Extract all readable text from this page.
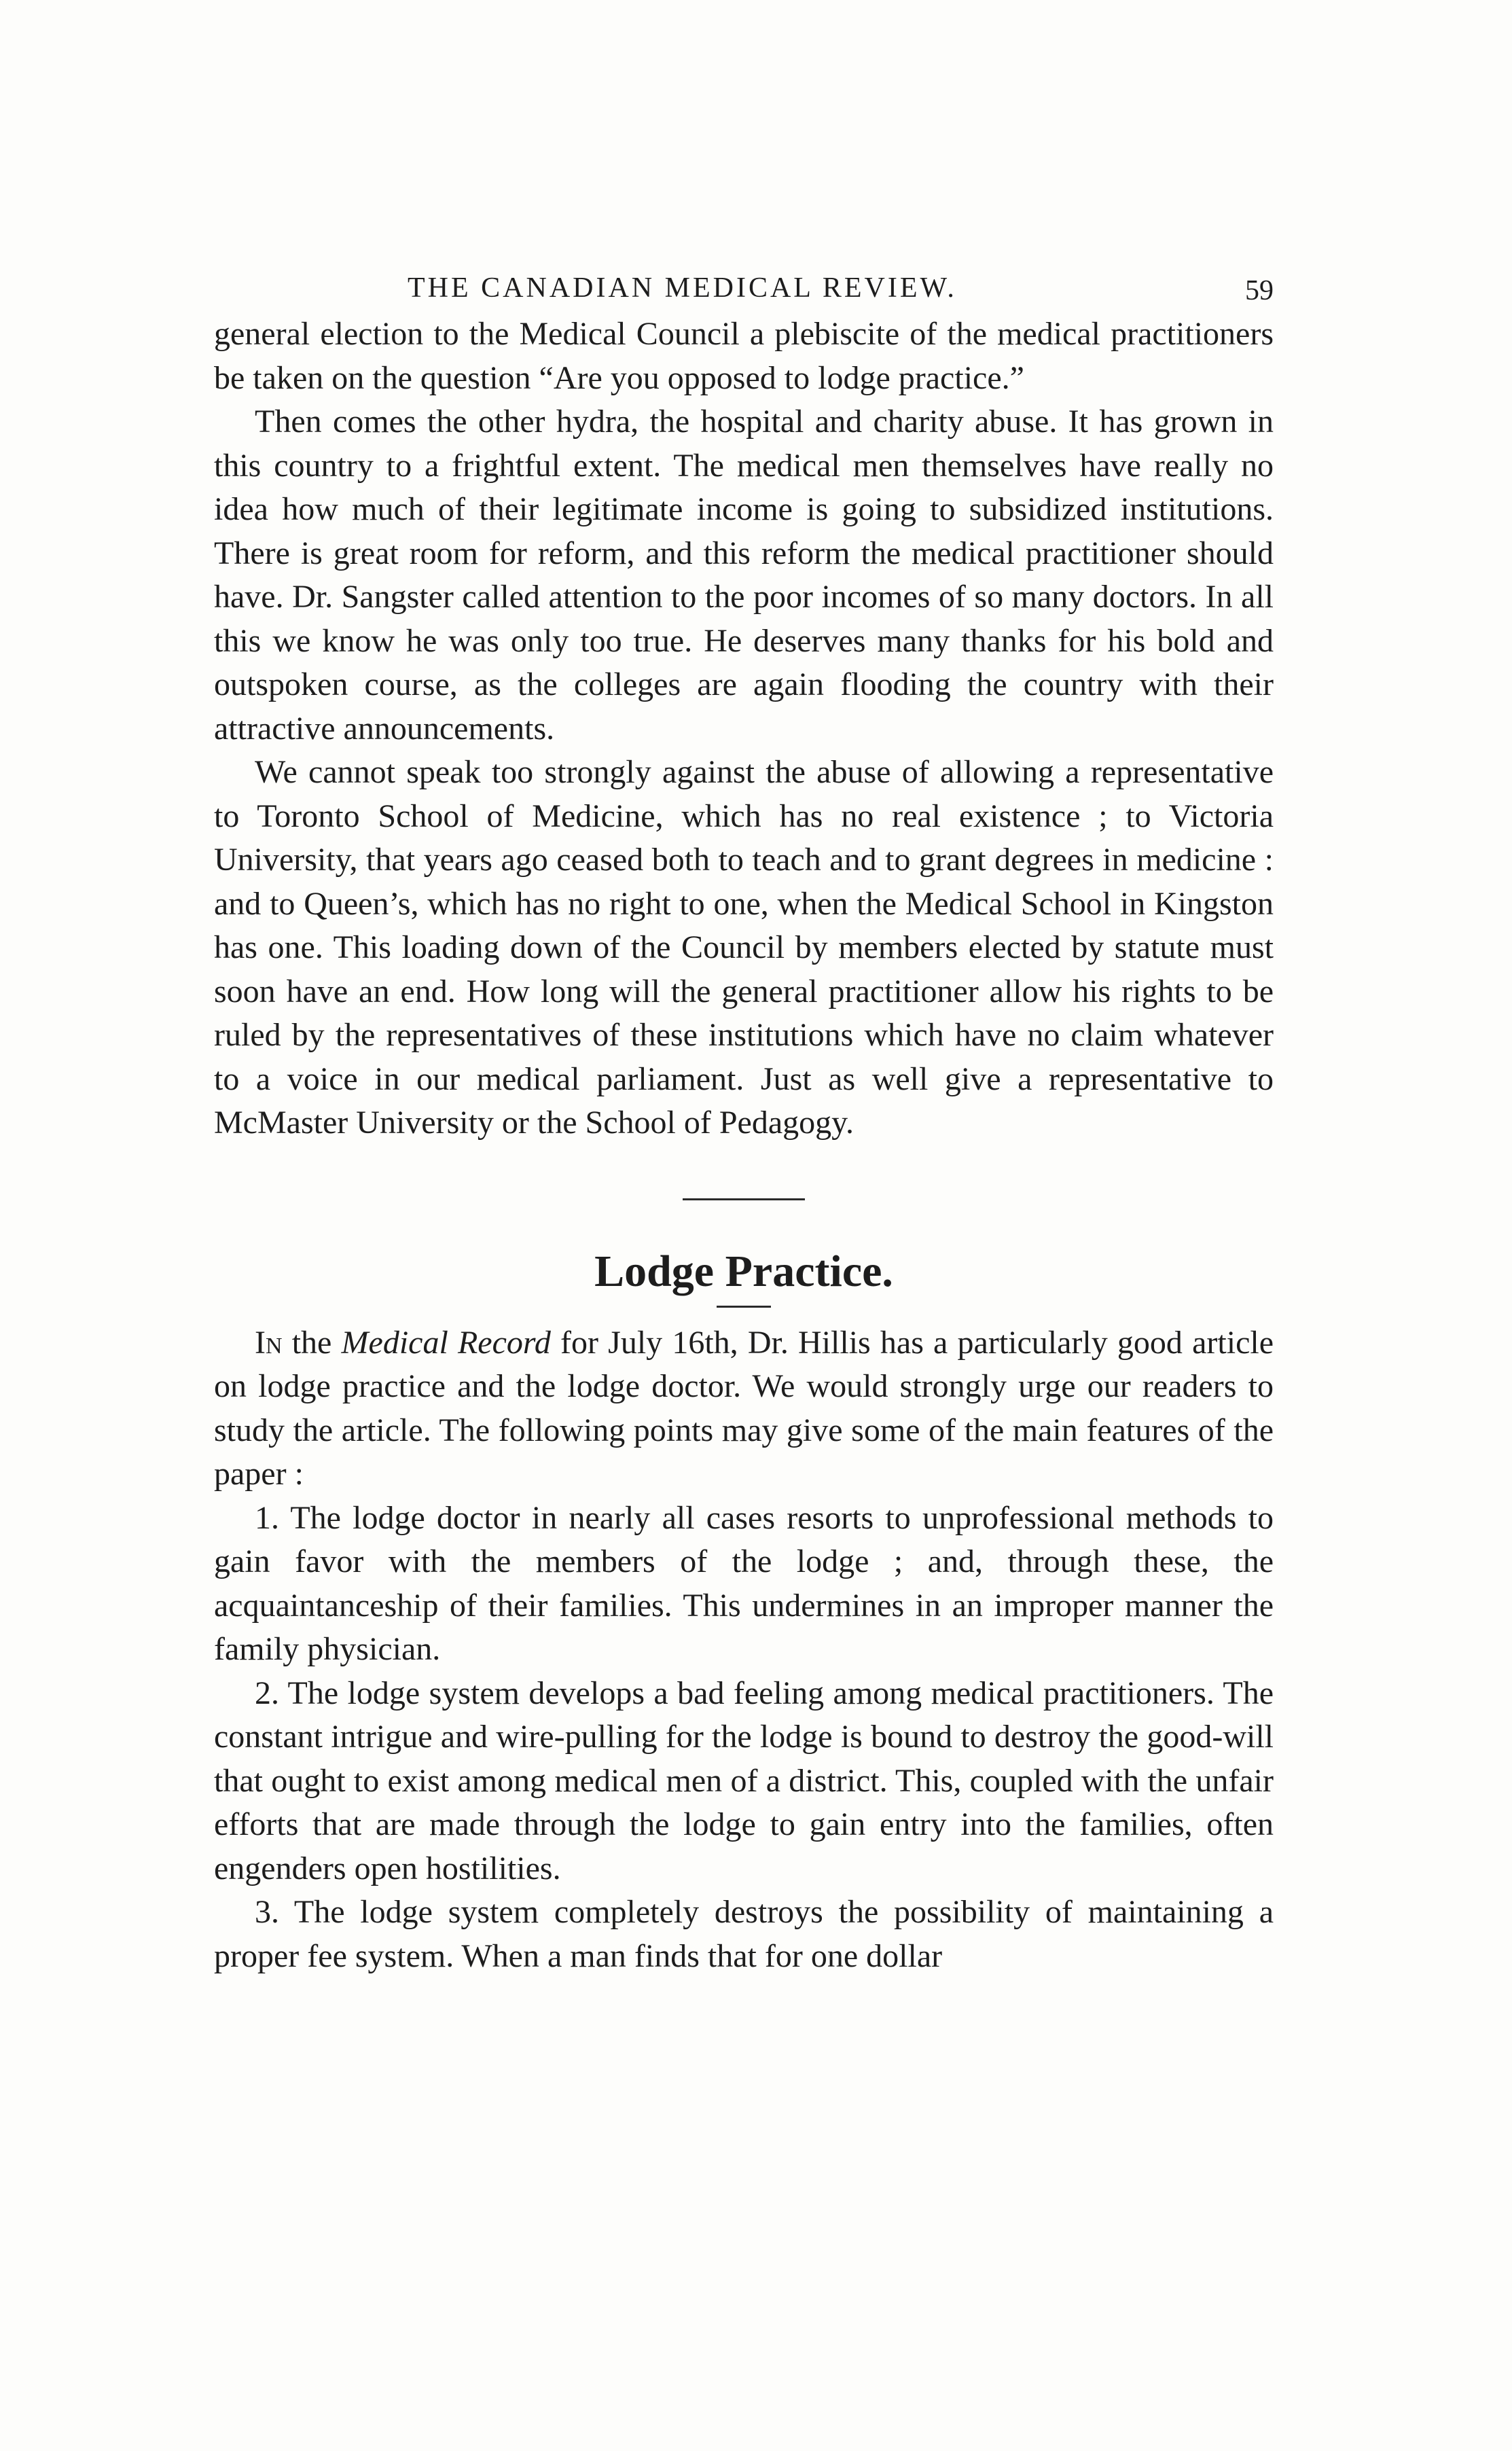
THE CANADIAN MEDICAL REVIEW.	59

general election to the Medical Council a plebiscite of the medical practitioners be taken on the question “Are you opposed to lodge practice.”

Then comes the other hydra, the hospital and charity abuse. It has grown in this country to a frightful extent. The medical men themselves have really no idea how much of their legitimate income is going to subsidized institutions. There is great room for reform, and this reform the medical practitioner should have. Dr. Sangster called attention to the poor incomes of so many doctors. In all this we know he was only too true. He deserves many thanks for his bold and outspoken course, as the colleges are again flooding the country with their attractive announcements.

We cannot speak too strongly against the abuse of allowing a representative to Toronto School of Medicine, which has no real existence ; to Victoria University, that years ago ceased both to teach and to grant degrees in medicine : and to Queen’s, which has no right to one, when the Medical School in Kingston has one. This loading down of the Council by members elected by statute must soon have an end. How long will the general practitioner allow his rights to be ruled by the representatives of these institutions which have no claim whatever to a voice in our medical parliament. Just as well give a representative to McMaster University or the School of Pedagogy.

Lodge Practice.

In the Medical Record for July 16th, Dr. Hillis has a particularly good article on lodge practice and the lodge doctor. We would strongly urge our readers to study the article. The following points may give some of the main features of the paper :

1. The lodge doctor in nearly all cases resorts to unprofessional methods to gain favor with the members of the lodge ; and, through these, the acquaintanceship of their families. This undermines in an improper manner the family physician.

2. The lodge system develops a bad feeling among medical practitioners. The constant intrigue and wire-pulling for the lodge is bound to destroy the good-will that ought to exist among medical men of a district. This, coupled with the unfair efforts that are made through the lodge to gain entry into the families, often engenders open hostilities.

3. The lodge system completely destroys the possibility of maintaining a proper fee system. When a man finds that for one dollar
